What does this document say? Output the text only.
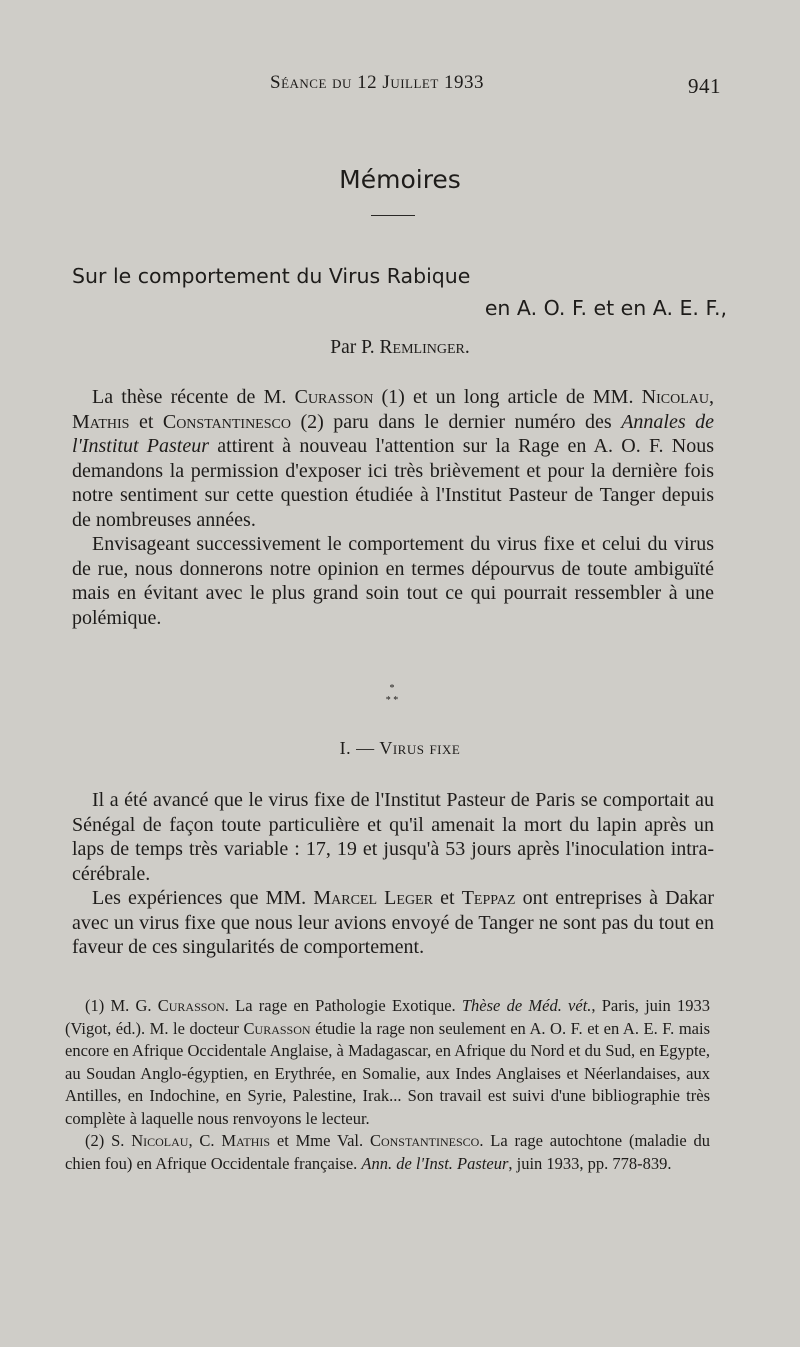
Séance du 12 Juillet 1933	941
Mémoires
Sur le comportement du Virus Rabique
en A. O. F. et en A. E. F.,
Par P. Remlinger.

La thèse récente de M. Curasson (1) et un long article de MM. Nicolau, Mathis et Constantinesco (2) paru dans le dernier numéro des Annales de l'Institut Pasteur attirent à nouveau l'attention sur la Rage en A. O. F. Nous demandons la permission d'exposer ici très brièvement et pour la dernière fois notre sentiment sur cette question étudiée à l'Institut Pasteur de Tanger depuis de nombreuses années.

Envisageant successivement le comportement du virus fixe et celui du virus de rue, nous donnerons notre opinion en termes dépourvus de toute ambiguïté mais en évitant avec le plus grand soin tout ce qui pourrait ressembler à une polémique.

*
* *
I. — Virus fixe

Il a été avancé que le virus fixe de l'Institut Pasteur de Paris se comportait au Sénégal de façon toute particulière et qu'il amenait la mort du lapin après un laps de temps très variable : 17, 19 et jusqu'à 53 jours après l'inoculation intra-cérébrale.

Les expériences que MM. Marcel Leger et Teppaz ont entreprises à Dakar avec un virus fixe que nous leur avions envoyé de Tanger ne sont pas du tout en faveur de ces singularités de comportement.

(1) M. G. Curasson. La rage en Pathologie Exotique. Thèse de Méd. vét., Paris, juin 1933 (Vigot, éd.). M. le docteur Curasson étudie la rage non seulement en A. O. F. et en A. E. F. mais encore en Afrique Occidentale Anglaise, à Madagascar, en Afrique du Nord et du Sud, en Egypte, au Soudan Anglo-égyptien, en Erythrée, en Somalie, aux Indes Anglaises et Néerlandaises, aux Antilles, en Indochine, en Syrie, Palestine, Irak... Son travail est suivi d'une bibliographie très complète à laquelle nous renvoyons le lecteur.

(2) S. Nicolau, C. Mathis et Mme Val. Constantinesco. La rage autochtone (maladie du chien fou) en Afrique Occidentale française. Ann. de l'Inst. Pasteur, juin 1933, pp. 778-839.
